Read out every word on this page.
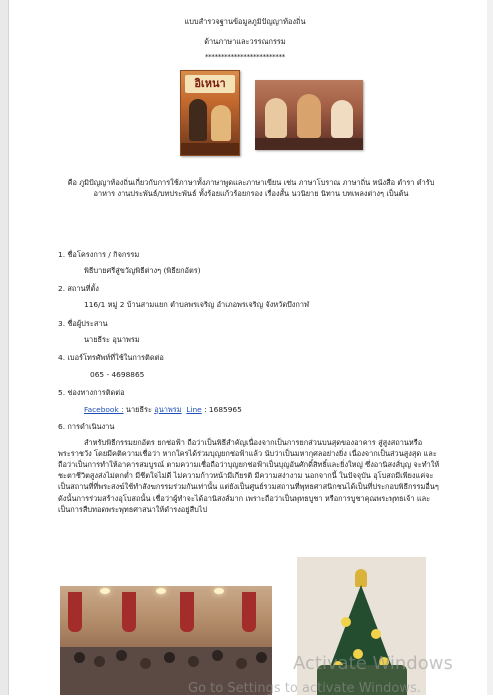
แบบสำรวจฐานข้อมูลภูมิปัญญาท้องถิ่น
ด้านภาษาและวรรณกรรม
*************************
อิเหนา
คือ ภูมิปัญญาท้องถิ่นเกี่ยวกับการใช้ภาษาทั้งภาษาพูดและภาษาเขียน เช่น ภาษาโบราณ ภาษาถิ่น หนังสือ ตำรา ตำรับอาหาร งานประพันธ์/บทประพันธ์ ทั้งร้อยแก้วร้อยกรอง เรื่องสั้น นวนิยาย นิทาน บทเพลงต่างๆ เป็นต้น
1. ชื่อโครงการ / กิจกรรม
พิธีบายศรีสู่ขวัญพิธีต่างๆ (พิธียกอัตร)
2. สถานที่ตั้ง
116/1 หมู่ 2 บ้านสามแยก ตำบลพรเจริญ อำเภอพรเจริญ จังหวัดบึงกาฬ
3. ชื่อผู้ประสาน
นายธีระ อุนาพรม
4. เบอร์โทรศัพท์ที่ใช้ในการติดต่อ
065 - 4698865
5. ช่องทางการติดต่อ
Facebook : นายธีระ อุนาพรม Line : 1685965
6. การดำเนินงาน
สำหรับพิธีกรรมยกอัตร ยกช่อฟ้า ถือว่าเป็นพิธีสำคัญเนื่องจากเป็นการยกส่วนบนสุดของอาคาร สู่สูงสถานหรือพระราชวัง โดยมีคติความเชื่อว่า หากใครได้ร่วมบุญยกช่อฟ้าแล้ว นับว่าเป็นมหากุศลอย่างยิ่ง เนื่องจากเป็นส่วนสูงสุด และถือว่าเป็นการทำให้อาคารสมบูรณ์ ตามความเชื่อถือว่าบุญยกช่อฟ้าเป็นบุญอันศักดิ์สิทธิ์และยิ่งใหญ่ ซึ่งอานิสงส์บุญ จะทำให้ชะตาชีวิตสูงส่งไม่ตกต่ำ มีชีตใจไม่ดี ไม่ความก้าวหน้ามีเกียรติ มีความสง่างาม นอกจากนี้ ในปัจจุบัน อุโบสถมีเพียงแค่จะเป็นสถานที่ที่พระสงฆ์ใช้ทำสังฆกรรมร่วมกันเท่านั้น แต่ยังเป็นศูนย์รวมสถานที่พุทธศาสนิกชนได้เป็นที่ประกอบพิธีกรรมอื่นๆ ดังนั้นการร่วมสร้างอุโบสถนั้น เชื่อว่าผู้ทำจะได้อานิสงส์มาก เพราะถือว่าเป็นพุทธบูชา หรือการบูชาคุณพระพุทธเจ้า และเป็นการสืบทอดพระพุทธศาสนาให้ดำรงอยู่สืบไป
Activate Windows
Go to Settings to activate Windows.
